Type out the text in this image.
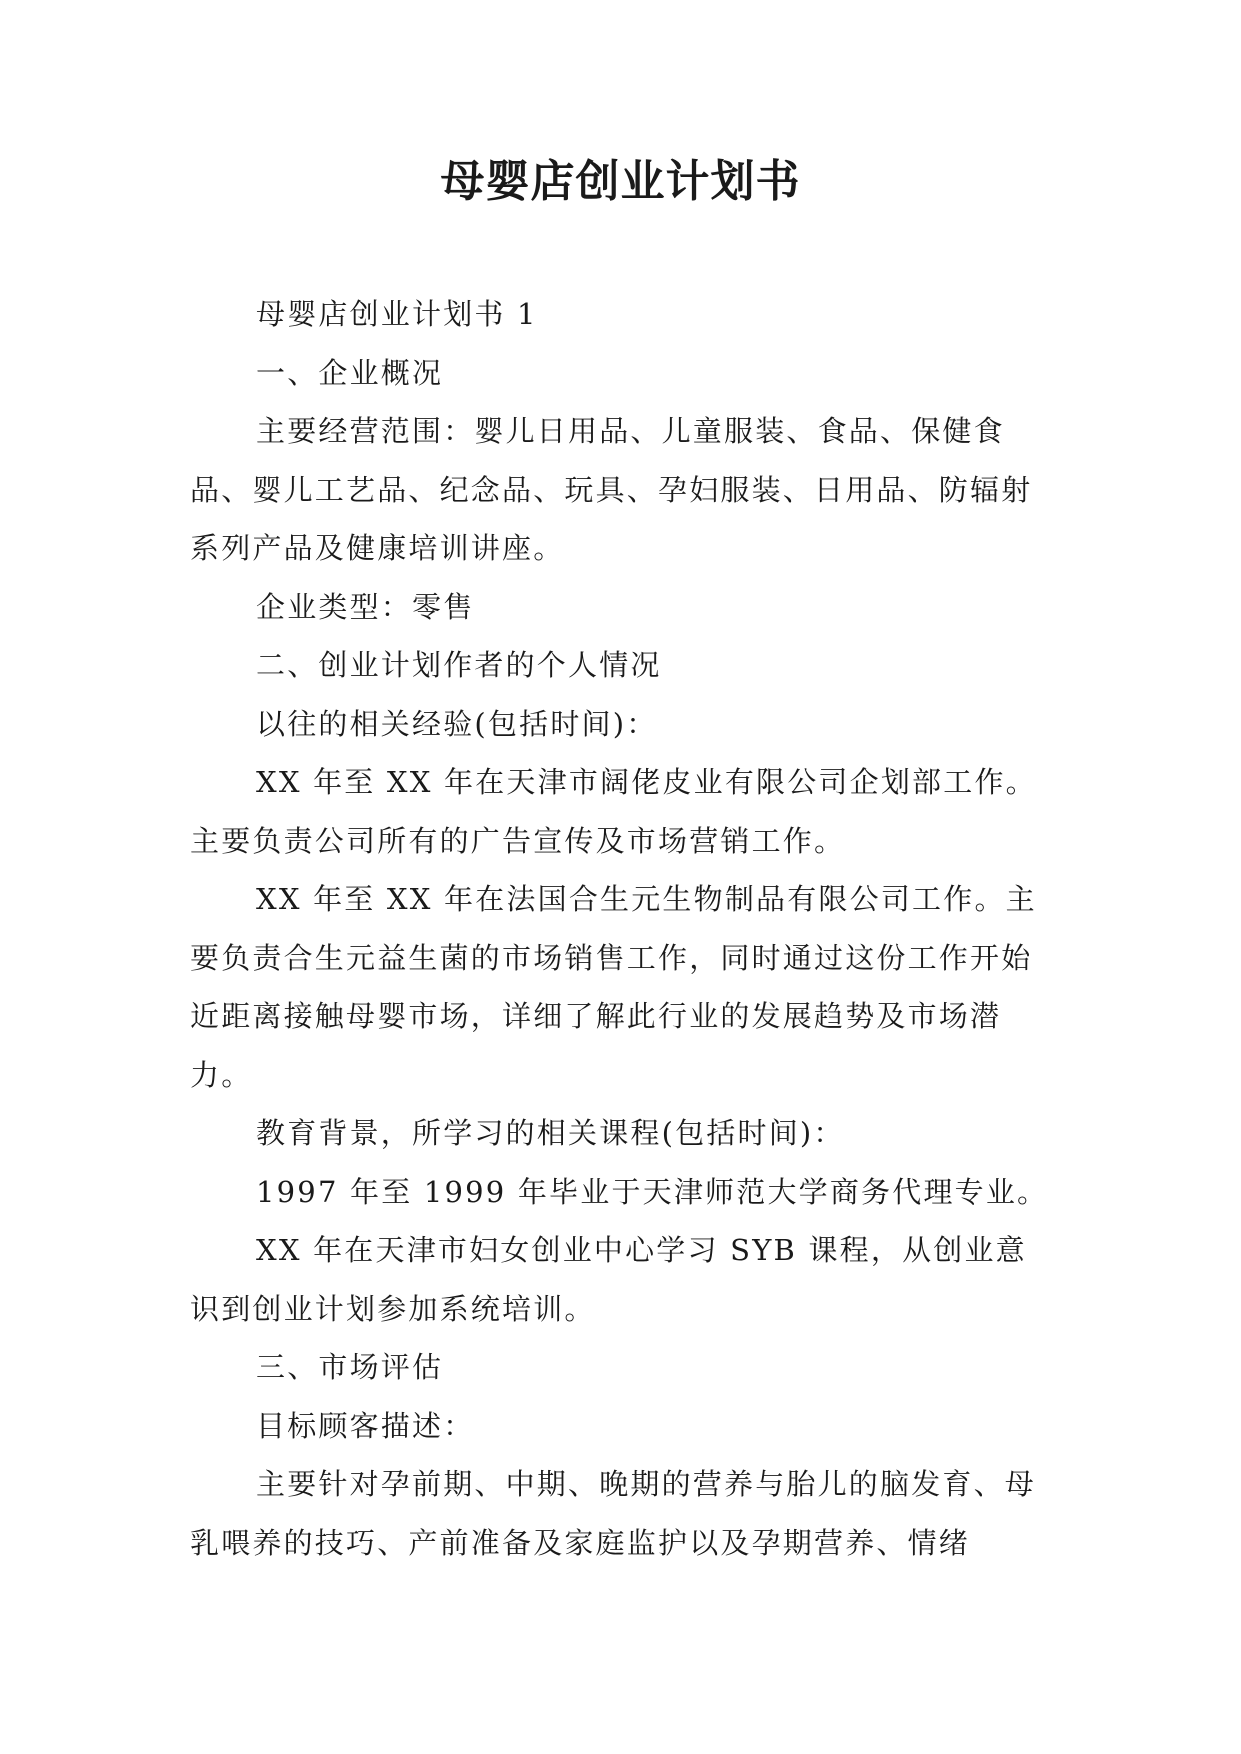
母婴店创业计划书

母婴店创业计划书 1

一、企业概况

主要经营范围：婴儿日用品、儿童服装、食品、保健食品、婴儿工艺品、纪念品、玩具、孕妇服装、日用品、防辐射系列产品及健康培训讲座。

企业类型：零售

二、创业计划作者的个人情况

以往的相关经验(包括时间)：

XX 年至 XX 年在天津市阔佬皮业有限公司企划部工作。主要负责公司所有的广告宣传及市场营销工作。

XX 年至 XX 年在法国合生元生物制品有限公司工作。主要负责合生元益生菌的市场销售工作，同时通过这份工作开始近距离接触母婴市场，详细了解此行业的发展趋势及市场潜力。

教育背景，所学习的相关课程(包括时间)：

1997 年至 1999 年毕业于天津师范大学商务代理专业。

XX 年在天津市妇女创业中心学习 SYB 课程，从创业意识到创业计划参加系统培训。

三、市场评估

目标顾客描述：

主要针对孕前期、中期、晚期的营养与胎儿的脑发育、母乳喂养的技巧、产前准备及家庭监护以及孕期营养、情绪
